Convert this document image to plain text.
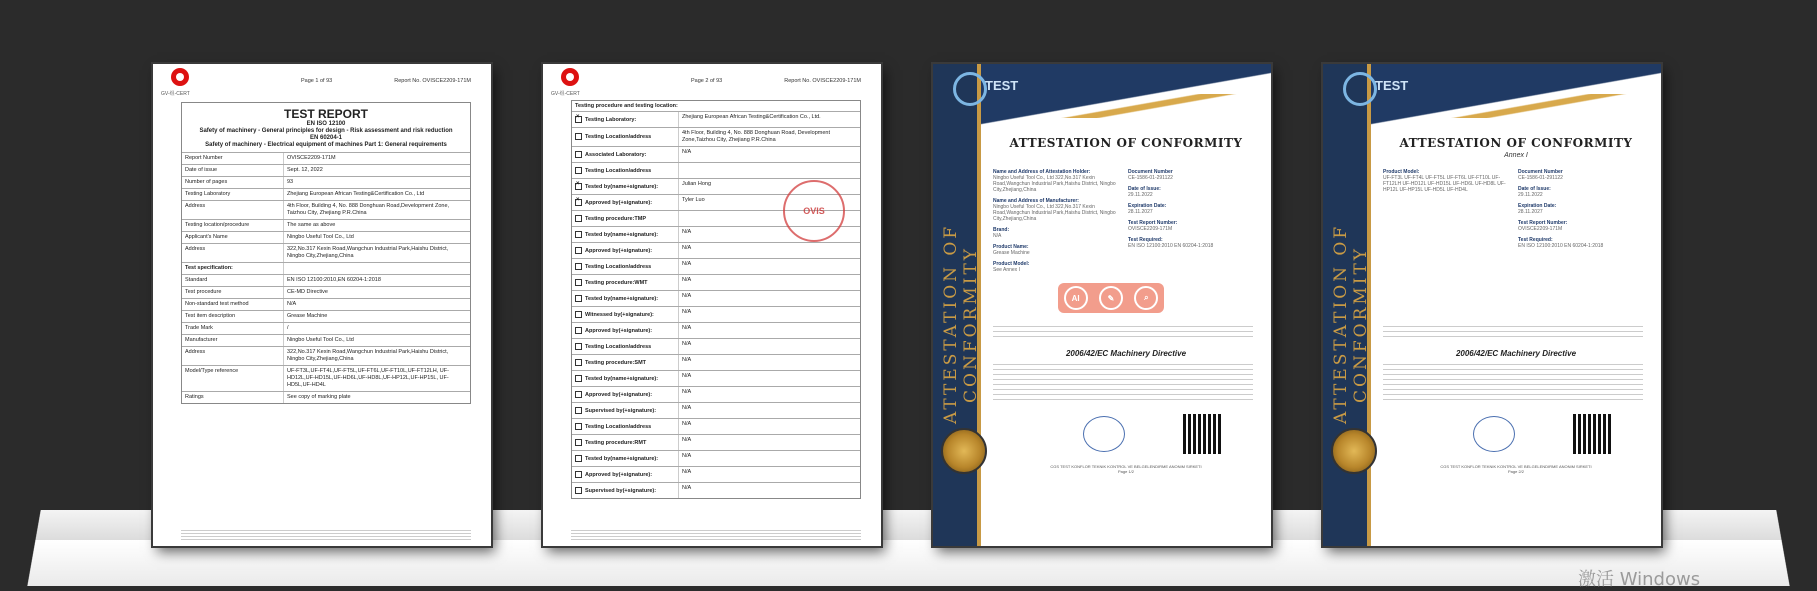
GV-组-CERT
Page 1 of 93	Report No. OVISCE2209-171M
TEST REPORT
EN ISO 12100
Safety of machinery - General principles for design - Risk assessment and risk reduction
EN 60204-1
Safety of machinery - Electrical equipment of machines Part 1: General requirements
Report Number	OVISCE2209-171M
Date of issue	Sept. 12, 2022
Number of pages	93
Testing Laboratory	Zhejiang European African Testing&Certification Co., Ltd
Address	4th Floor, Building 4, No. 888 Donghuan Road,Development Zone, Taizhou City, Zhejiang P.R.China
Testing location/procedure	The same as above
Applicant's Name	Ningbo Useful Tool Co., Ltd
Address	322,No.317 Kexin Road,Wangchun Industrial Park,Haishu District, Ningbo City,Zhejiang,China
Test specification:
Standard	EN ISO 12100:2010,EN 60204-1:2018
Test procedure	CE-MD Directive
Non-standard test method	N/A
Test item description	Grease Machine
Trade Mark	/
Manufacturer	Ningbo Useful Tool Co., Ltd
Address	322,No.317 Kexin Road,Wangchun Industrial Park,Haishu District, Ningbo City,Zhejiang,China
Model/Type reference	UF-FT3L,UF-FT4L,UF-FT5L,UF-FT6L,UF-FT10L,UF-FT12LH, UF-HD12L,UF-HD15L,UF-HD6L,UF-HD8L,UF-HP12L,UF-HP15L, UF-HD5L,UF-HD4L
Ratings	See copy of marking plate
GV-组-CERT
Page 2 of 93	Report No. OVISCE2209-171M
Testing procedure and testing location:
×Testing Laboratory:	Zhejiang European African Testing&Certification Co., Ltd.
Testing Location/address
4th Floor, Building 4, No. 888 Donghuan Road, Development Zone,Taizhou City, Zhejiang P.R.China
Associated Laboratory:	N/A
Testing Location/address
×Tested by(name+signature):	Julian Hong
×Approved by(+signature):	Tyler Luo
Testing procedure:TMP
Tested by(name+signature):	N/A
Approved by(+signature):	N/A
Testing Location/address	N/A
Testing procedure:WMT	N/A
Tested by(name+signature):	N/A
Witnessed by(+signature):	N/A
Approved by(+signature):	N/A
Testing Location/address	N/A
Testing procedure:SMT	N/A
Tested by(name+signature):	N/A
Approved by(+signature):	N/A
Supervised by(+signature):	N/A
Testing Location/address	N/A
Testing procedure:RMT	N/A
Tested by(name+signature):	N/A
Approved by(+signature):	N/A
Supervised by(+signature):	N/A
OVIS
ATTESTATION OF CONFORMITY
TEST
ATTESTATION OF CONFORMITY
Name and Address of Attestation Holder:
Ningbo Useful Tool Co., Ltd 322,No.317 Kexin Road,Wangchun Industrial Park,Haishu District, Ningbo City,Zhejiang,China
Name and Address of Manufacturer:
Ningbo Useful Tool Co., Ltd 322,No.317 Kexin Road,Wangchun Industrial Park,Haishu District, Ningbo City,Zhejiang,China
Brand:
N/A
Product Name:
Grease Machine
Product Model:
See Annex I
Document Number
CE-1586-01-291122
Date of Issue:
29.11.2022
Expiration Date:
28.11.2027
Test Report Number:
OVISCE2209-171M
Test Required:
EN ISO 12100:2010 EN 60204-1:2018
AI	✎	⌕
2006/42/EC Machinery Directive
CGS TEST KONFLOR TEKNIK KONTROL VE BELGELENDIRME ANONIM SIRKETI
Page 1/2
ATTESTATION OF CONFORMITY
TEST
ATTESTATION OF CONFORMITY
Annex I
Product Model:
UF-FT3L UF-FT4L UF-FT5L UF-FT6L UF-FT10L UF-FT12LH UF-HD12L UF-HD15L UF-HD6L UF-HD8L UF-HP12L UF-HP15L UF-HD5L UF-HD4L
Document Number
CE-1586-01-291122
Date of Issue:
29.11.2022
Expiration Date:
28.11.2027
Test Report Number:
OVISCE2209-171M
Test Required:
EN ISO 12100:2010 EN 60204-1:2018
2006/42/EC Machinery Directive
CGS TEST KONFLOR TEKNIK KONTROL VE BELGELENDIRME ANONIM SIRKETI
Page 2/2
激活 Windows
